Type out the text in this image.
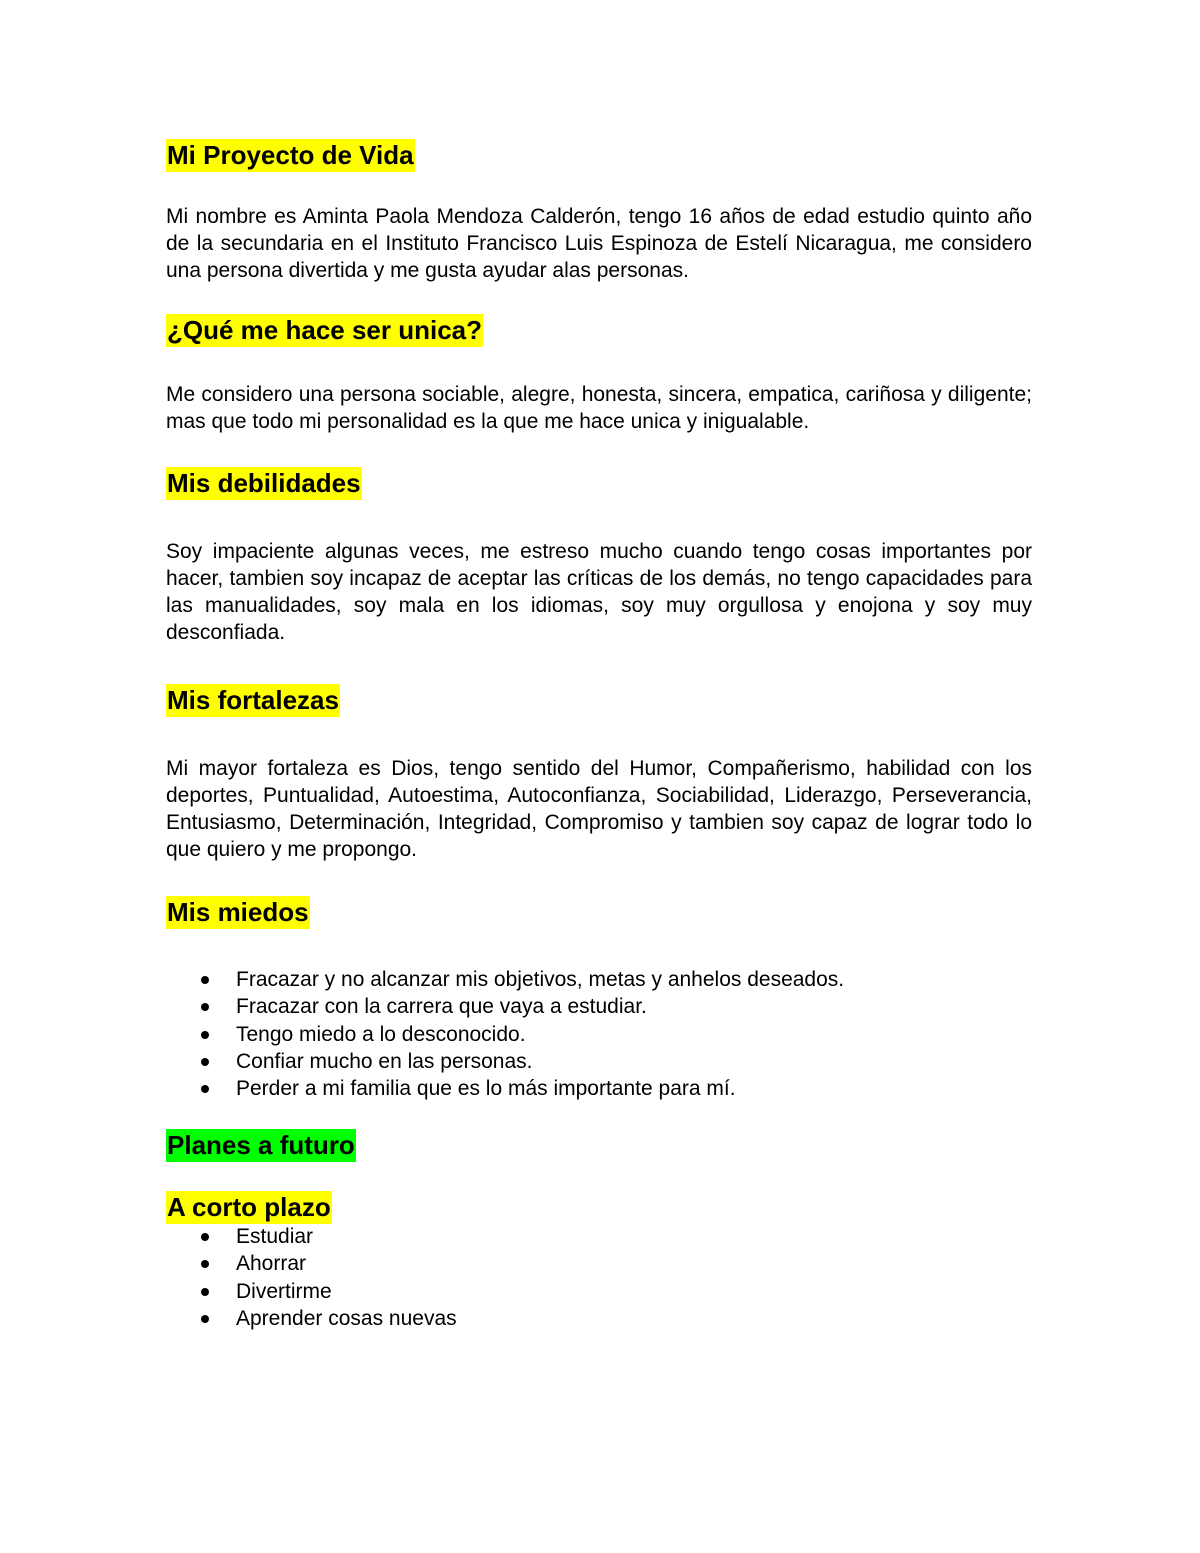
Mi Proyecto de Vida

Mi nombre es Aminta Paola Mendoza Calderón, tengo 16 años de edad estudio quinto año de la secundaria en el Instituto Francisco Luis Espinoza de Estelí Nicaragua, me considero una persona divertida y me gusta ayudar alas personas.

¿Qué me hace ser unica?

Me considero una persona sociable, alegre, honesta, sincera, empatica, cariñosa y diligente; mas que todo mi personalidad es la que me hace unica y inigualable.

Mis debilidades

Soy impaciente algunas veces, me estreso mucho cuando tengo cosas importantes por hacer, tambien soy incapaz de aceptar las críticas de los demás, no tengo capacidades para las manualidades, soy mala en los idiomas, soy muy orgullosa y enojona y soy muy desconfiada.

Mis fortalezas

Mi mayor fortaleza es Dios, tengo sentido del Humor, Compañerismo, habilidad con los deportes, Puntualidad, Autoestima, Autoconfianza, Sociabilidad, Liderazgo, Perseverancia, Entusiasmo, Determinación, Integridad, Compromiso y tambien soy capaz de lograr todo lo que quiero y me propongo.

Mis miedos
Fracazar y no alcanzar mis objetivos, metas y anhelos deseados.
Fracazar con la carrera que vaya a estudiar.
Tengo miedo a lo desconocido.
Confiar mucho en las personas.
Perder a mi familia que es lo más importante para mí.
Planes a futuro
A corto plazo
Estudiar
Ahorrar
Divertirme
Aprender cosas nuevas
